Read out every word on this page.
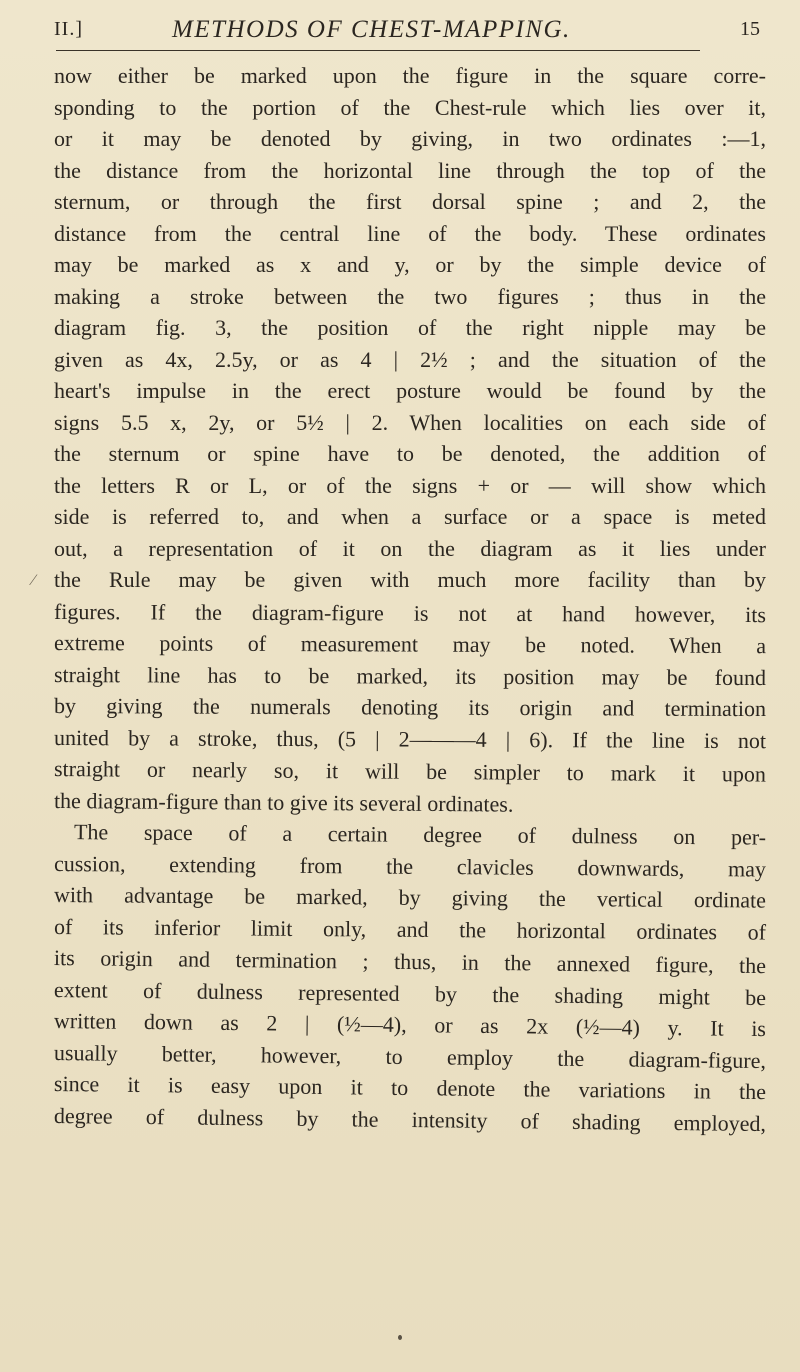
II.]	METHODS OF CHEST-MAPPING.	15
⁄
now either be marked upon the figure in the square corre-
sponding to the portion of the Chest-rule which lies over it,
or it may be denoted by giving, in two ordinates :—1,
the distance from the horizontal line through the top of the
sternum, or through the first dorsal spine ; and 2, the
distance from the central line of the body. These ordinates
may be marked as x and y, or by the simple device of
making a stroke between the two figures ; thus in the
diagram fig. 3, the position of the right nipple may be
given as 4x, 2.5y, or as 4 | 2½ ; and the situation of the
heart's impulse in the erect posture would be found by the
signs 5.5 x, 2y, or 5½ | 2. When localities on each side of
the sternum or spine have to be denoted, the addition of
the letters R or L, or of the signs + or — will show which
side is referred to, and when a surface or a space is meted
out, a representation of it on the diagram as it lies under
the Rule may be given with much more facility than by
figures. If the diagram-figure is not at hand however, its
extreme points of measurement may be noted. When a
straight line has to be marked, its position may be found
by giving the numerals denoting its origin and termination
united by a stroke, thus, (5 | 2———4 | 6). If the line is not
straight or nearly so, it will be simpler to mark it upon
the diagram-figure than to give its several ordinates.
The space of a certain degree of dulness on per-
cussion, extending from the clavicles downwards, may
with advantage be marked, by giving the vertical ordinate
of its inferior limit only, and the horizontal ordinates of
its origin and termination ; thus, in the annexed figure, the
extent of dulness represented by the shading might be
written down as 2 | (½—4), or as 2x (½—4) y. It is
usually better, however, to employ the diagram-figure,
since it is easy upon it to denote the variations in the
degree of dulness by the intensity of shading employed,
